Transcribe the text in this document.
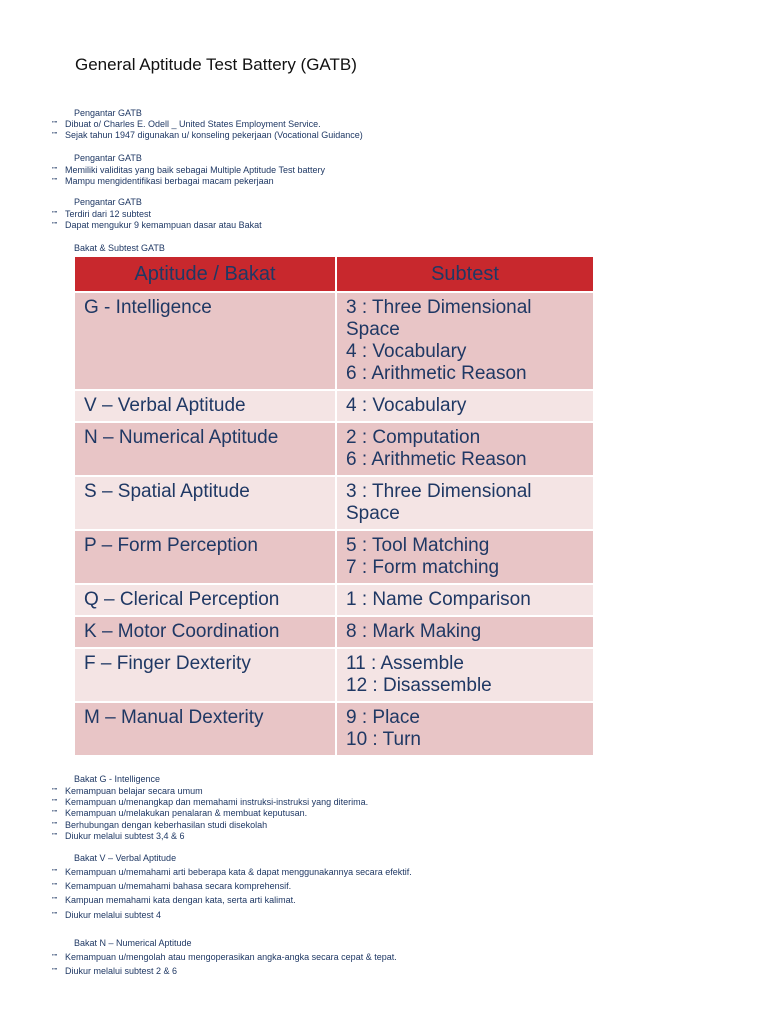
General Aptitude Test Battery (GATB)
Pengantar GATB
”” Dibuat o/ Charles E. Odell _ United States Employment Service.
”” Sejak tahun 1947 digunakan u/ konseling pekerjaan (Vocational Guidance)
Pengantar GATB
”” Memiliki validitas yang baik sebagai Multiple Aptitude Test battery
”” Mampu mengidentifikasi berbagai macam pekerjaan
Pengantar GATB
”” Terdiri dari 12 subtest
”” Dapat mengukur 9 kemampuan dasar atau Bakat
Bakat & Subtest GATB
Aptitude / Bakat	Subtest
G - Intelligence	3 : Three Dimensional
Space
4 : Vocabulary
6 : Arithmetic Reason

V – Verbal Aptitude	4 : Vocabulary

N – Numerical Aptitude	2 : Computation
6 : Arithmetic Reason

S – Spatial Aptitude	3 : Three Dimensional
Space

P – Form Perception	5 : Tool Matching
7 : Form matching

Q – Clerical Perception	1 : Name Comparison

K – Motor Coordination	8 : Mark Making

F – Finger Dexterity	11 : Assemble
12 : Disassemble

M – Manual Dexterity	9 : Place
10 : Turn
Bakat G - Intelligence
”” Kemampuan belajar secara umum
”” Kemampuan u/menangkap dan memahami instruksi-instruksi yang diterima.
”” Kemampuan u/melakukan penalaran & membuat keputusan.
”” Berhubungan dengan keberhasilan studi disekolah
”” Diukur melalui subtest 3,4 & 6
Bakat V – Verbal Aptitude
”” Kemampuan u/memahami arti beberapa kata & dapat menggunakannya secara efektif.
”” Kemampuan u/memahami bahasa secara komprehensif.
”” Kampuan memahami kata dengan kata, serta arti kalimat.
”” Diukur melalui subtest 4
Bakat N – Numerical Aptitude
”” Kemampuan u/mengolah atau mengoperasikan angka-angka secara cepat & tepat.
”” Diukur melalui subtest 2 & 6
